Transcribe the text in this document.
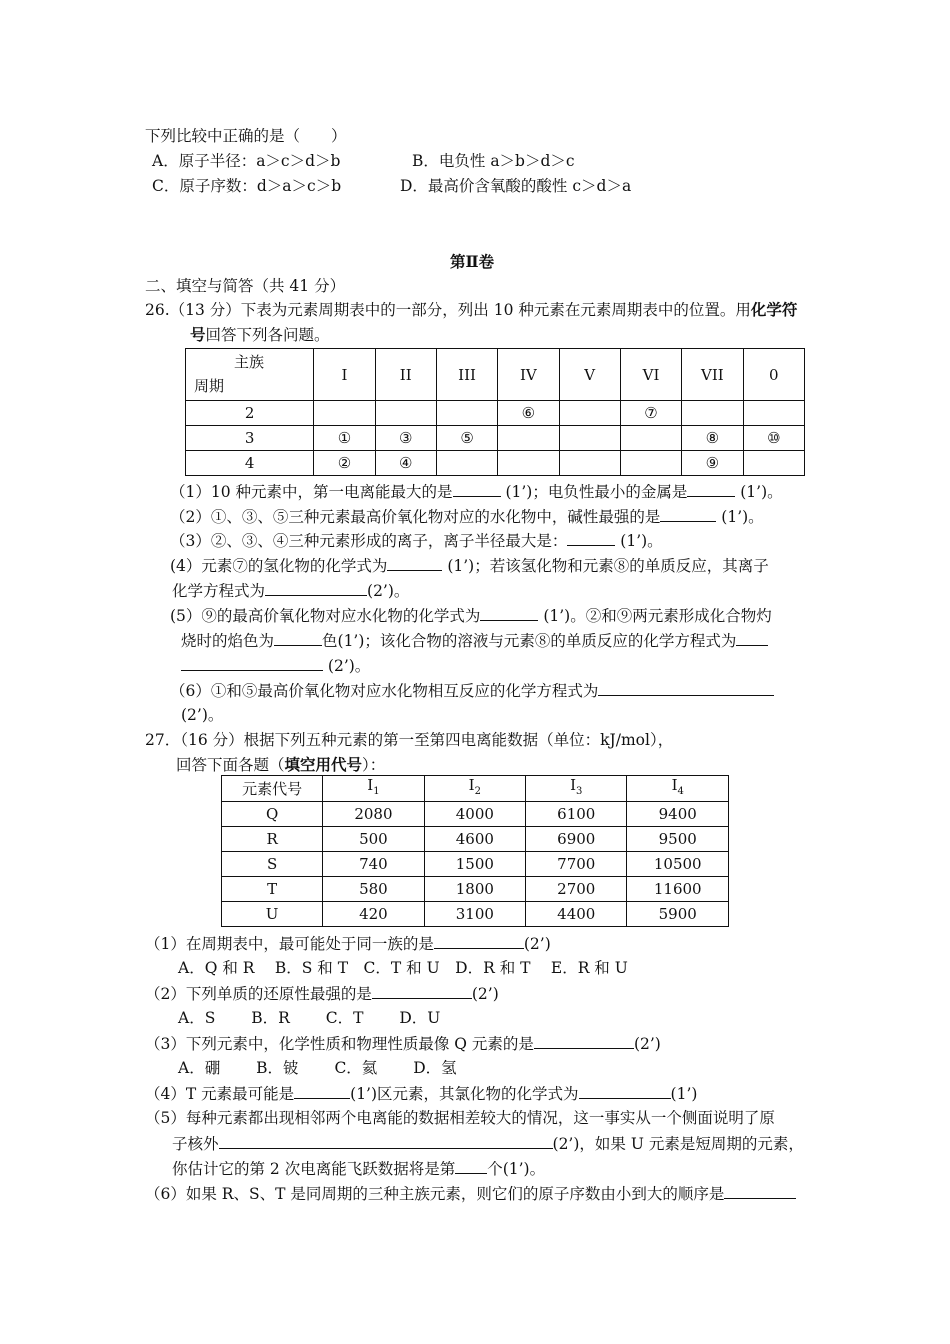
下列比较中正确的是（　　）
A．原子半径：a＞c＞d＞b	B．电负性 a＞b＞d＞c
C．原子序数：d＞a＞c＞b	D．最高价含氧酸的酸性 c＞d＞a
第Ⅱ卷
二、填空与简答（共 41 分）
26.（13 分）下表为元素周期表中的一部分，列出 10 种元素在元素周期表中的位置。用化学符
号回答下列各问题。
主族
周期	I	II	III	IV	V	VI	VII	0
2				⑥		⑦		
3	①	③	⑤				⑧	⑩
4	②	④					⑨	
（1）10 种元素中，第一电离能最大的是	(1’)；电负性最小的金属是	(1’)。
（2）①、③、⑤三种元素最高价氧化物对应的水化物中，碱性最强的是	(1’)。
（3）②、③、④三种元素形成的离子，离子半径最大是：	(1’)。
(4）元素⑦的氢化物的化学式为	(1’)；若该氢化物和元素⑧的单质反应，其离子
化学方程式为	(2’)。
(5）⑨的最高价氧化物对应水化物的化学式为	(1’)。②和⑨两元素形成化合物灼
烧时的焰色为	色(1’)；该化合物的溶液与元素⑧的单质反应的化学方程式为
(2’)。
（6）①和⑤最高价氧化物对应水化物相互反应的化学方程式为
(2’)。
27．（16 分）根据下列五种元素的第一至第四电离能数据（单位：kJ/mol），
回答下面各题（填空用代号）：
元素代号	$I_1$	$I_2$	$I_3$	$I_4$
Q	2080	4000	6100	9400
R	500	4600	6900	9500
S	740	1500	7700	10500
T	580	1800	2700	11600
U	420	3100	4400	5900
（1）在周期表中，最可能处于同一族的是	(2’)
A．Q 和 R　 B．S 和 T　C．T 和 U　D．R 和 T　 E．R 和 U
（2）下列单质的还原性最强的是	(2’)
A．S　　 B．R　　 C．T　　 D．U
（3）下列元素中，化学性质和物理性质最像 Q 元素的是	(2’)
A．硼　　 B．铍　　 C．氦　　 D．氢
（4）T 元素最可能是	(1’)区元素，其氯化物的化学式为	(1’)
（5）每种元素都出现相邻两个电离能的数据相差较大的情况，这一事实从一个侧面说明了原
子核外	(2’)，如果 U 元素是短周期的元素，
你估计它的第 2 次电离能飞跃数据将是第 个(1’)。
（6）如果 R、S、T 是同周期的三种主族元素，则它们的原子序数由小到大的顺序是
